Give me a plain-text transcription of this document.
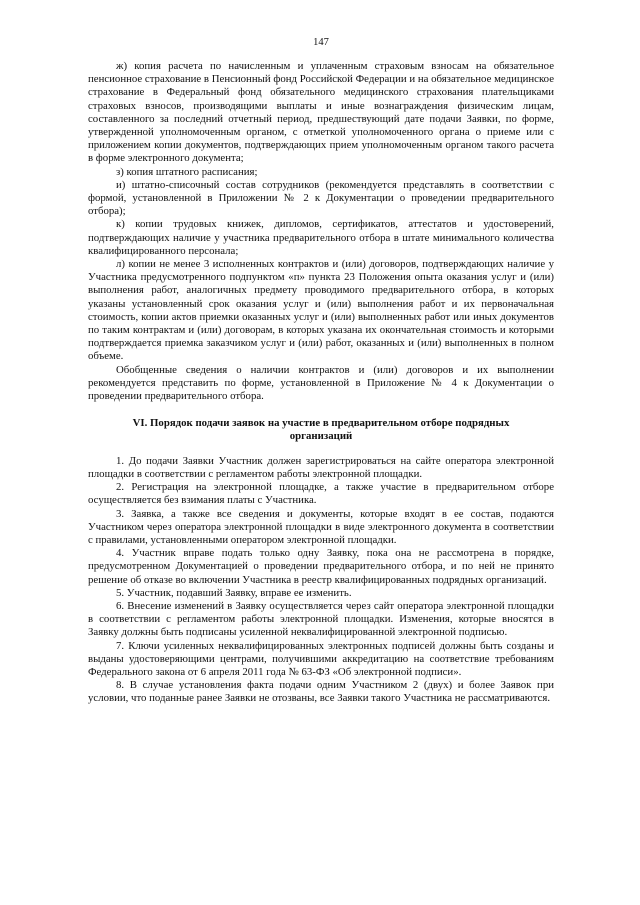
147

ж) копия расчета по начисленным и уплаченным страховым взносам на обязательное пенсионное страхование в Пенсионный фонд Российской Федерации и на обязательное медицинское страхование в Федеральный фонд обязательного медицинского страхования плательщиками страховых взносов, производящими выплаты и иные вознаграждения физическим лицам, составленного за последний отчетный период, предшествующий дате подачи Заявки, по форме, утвержденной уполномоченным органом, с отметкой уполномоченного органа о приеме или с приложением копии документов, подтверждающих прием уполномоченным органом такого расчета в форме электронного документа;

з) копия штатного расписания;

и) штатно-списочный состав сотрудников (рекомендуется представлять в соответствии с формой, установленной в Приложении № 2 к Документации о проведении предварительного отбора);

к) копии трудовых книжек, дипломов, сертификатов, аттестатов и удостоверений, подтверждающих наличие у участника предварительного отбора в штате минимального количества квалифицированного персонала;

л) копии не менее 3 исполненных контрактов и (или) договоров, подтверждающих наличие у Участника предусмотренного подпунктом «п» пункта 23 Положения опыта оказания услуг и (или) выполнения работ, аналогичных предмету проводимого предварительного отбора, в которых указаны установленный срок оказания услуг и (или) выполнения работ и их первоначальная стоимость, копии актов приемки оказанных услуг и (или) выполненных работ или иных документов по таким контрактам и (или) договорам, в которых указана их окончательная стоимость и которыми подтверждается приемка заказчиком услуг и (или) работ, оказанных и (или) выполненных в полном объеме.

Обобщенные сведения о наличии контрактов и (или) договоров и их выполнении рекомендуется представить по форме, установленной в Приложение № 4 к Документации о проведении предварительного отбора.

VI. Порядок подачи заявок на участие в предварительном отборе подрядных организаций

1. До подачи Заявки Участник должен зарегистрироваться на сайте оператора электронной площадки в соответствии с регламентом работы электронной площадки.

2. Регистрация на электронной площадке, а также участие в предварительном отборе осуществляется без взимания платы с Участника.

3. Заявка, а также все сведения и документы, которые входят в ее состав, подаются Участником через оператора электронной площадки в виде электронного документа в соответствии с правилами, установленными оператором электронной площадки.

4. Участник вправе подать только одну Заявку, пока она не рассмотрена в порядке, предусмотренном Документацией о проведении предварительного отбора, и по ней не принято решение об отказе во включении Участника в реестр квалифицированных подрядных организаций.

5. Участник, подавший Заявку, вправе ее изменить.

6. Внесение изменений в Заявку осуществляется через сайт оператора электронной площадки в соответствии с регламентом работы электронной площадки. Изменения, которые вносятся в Заявку должны быть подписаны усиленной неквалифицированной электронной подписью.

7. Ключи усиленных неквалифицированных электронных подписей должны быть созданы и выданы удостоверяющими центрами, получившими аккредитацию на соответствие требованиям Федерального закона от 6 апреля 2011 года № 63-ФЗ «Об электронной подписи».

8. В случае установления факта подачи одним Участником 2 (двух) и более Заявок при условии, что поданные ранее Заявки не отозваны, все Заявки такого Участника не рассматриваются.
